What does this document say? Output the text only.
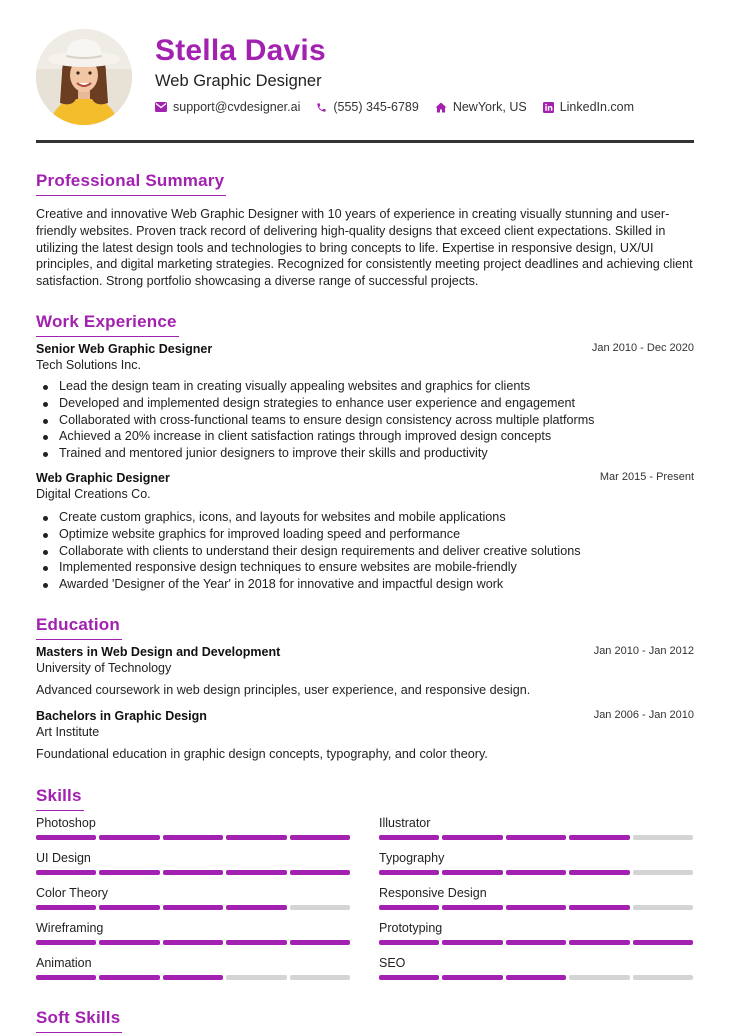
Stella Davis
Web Graphic Designer
support@cvdesigner.ai	(555) 345-6789	NewYork, US	LinkedIn.com
Professional Summary

Creative and innovative Web Graphic Designer with 10 years of experience in creating visually stunning and user-friendly websites. Proven track record of delivering high-quality designs that exceed client expectations. Skilled in utilizing the latest design tools and technologies to bring concepts to life. Expertise in responsive design, UX/UI principles, and digital marketing strategies. Recognized for consistently meeting project deadlines and achieving client satisfaction. Strong portfolio showcasing a diverse range of successful projects.

Work Experience
Senior Web Graphic Designer	Jan 2010 - Dec 2020
Tech Solutions Inc.
Lead the design team in creating visually appealing websites and graphics for clients
Developed and implemented design strategies to enhance user experience and engagement
Collaborated with cross-functional teams to ensure design consistency across multiple platforms
Achieved a 20% increase in client satisfaction ratings through improved design concepts
Trained and mentored junior designers to improve their skills and productivity
Web Graphic Designer	Mar 2015 - Present
Digital Creations Co.
Create custom graphics, icons, and layouts for websites and mobile applications
Optimize website graphics for improved loading speed and performance
Collaborate with clients to understand their design requirements and deliver creative solutions
Implemented responsive design techniques to ensure websites are mobile-friendly
Awarded 'Designer of the Year' in 2018 for innovative and impactful design work
Education
Masters in Web Design and Development	Jan 2010 - Jan 2012
University of Technology

Advanced coursework in web design principles, user experience, and responsive design.

Bachelors in Graphic Design	Jan 2006 - Jan 2010
Art Institute

Foundational education in graphic design concepts, typography, and color theory.

Skills
Photoshop	Illustrator
UI Design	Typography
Color Theory	Responsive Design
Wireframing	Prototyping
Animation	SEO
Soft Skills
